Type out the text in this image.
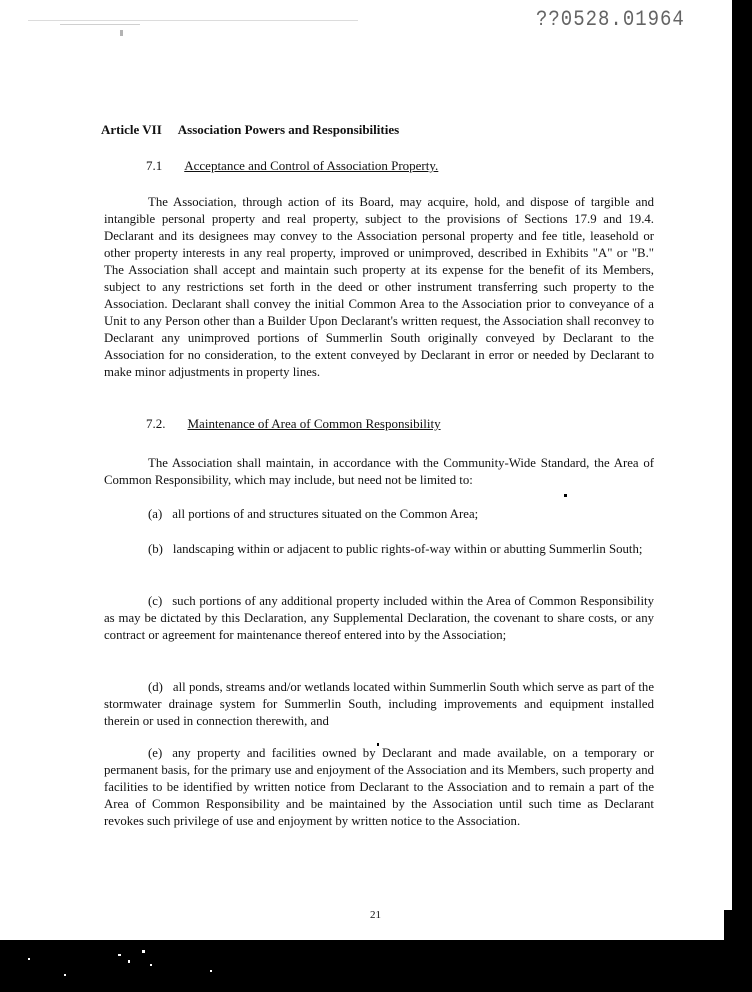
??0528.01964
Article VII Association Powers and Responsibilities
7.1 Acceptance and Control of Association Property.
The Association, through action of its Board, may acquire, hold, and dispose of targible and intangible personal property and real property, subject to the provisions of Sections 17.9 and 19.4. Declarant and its designees may convey to the Association personal property and fee title, leasehold or other property interests in any real property, improved or unimproved, described in Exhibits "A" or "B." The Association shall accept and maintain such property at its expense for the benefit of its Members, subject to any restrictions set forth in the deed or other instrument transferring such property to the Association. Declarant shall convey the initial Common Area to the Association prior to conveyance of a Unit to any Person other than a Builder Upon Declarant's written request, the Association shall reconvey to Declarant any unimproved portions of Summerlin South originally conveyed by Declarant to the Association for no consideration, to the extent conveyed by Declarant in error or needed by Declarant to make minor adjustments in property lines.
7.2. Maintenance of Area of Common Responsibility
The Association shall maintain, in accordance with the Community-Wide Standard, the Area of Common Responsibility, which may include, but need not be limited to:
(a) all portions of and structures situated on the Common Area;
(b) landscaping within or adjacent to public rights-of-way within or abutting Summerlin South;
(c) such portions of any additional property included within the Area of Common Responsibility as may be dictated by this Declaration, any Supplemental Declaration, the covenant to share costs, or any contract or agreement for maintenance thereof entered into by the Association;
(d) all ponds, streams and/or wetlands located within Summerlin South which serve as part of the stormwater drainage system for Summerlin South, including improvements and equipment installed therein or used in connection therewith, and
(e) any property and facilities owned by Declarant and made available, on a temporary or permanent basis, for the primary use and enjoyment of the Association and its Members, such property and facilities to be identified by written notice from Declarant to the Association and to remain a part of the Area of Common Responsibility and be maintained by the Association until such time as Declarant revokes such privilege of use and enjoyment by written notice to the Association.
21
